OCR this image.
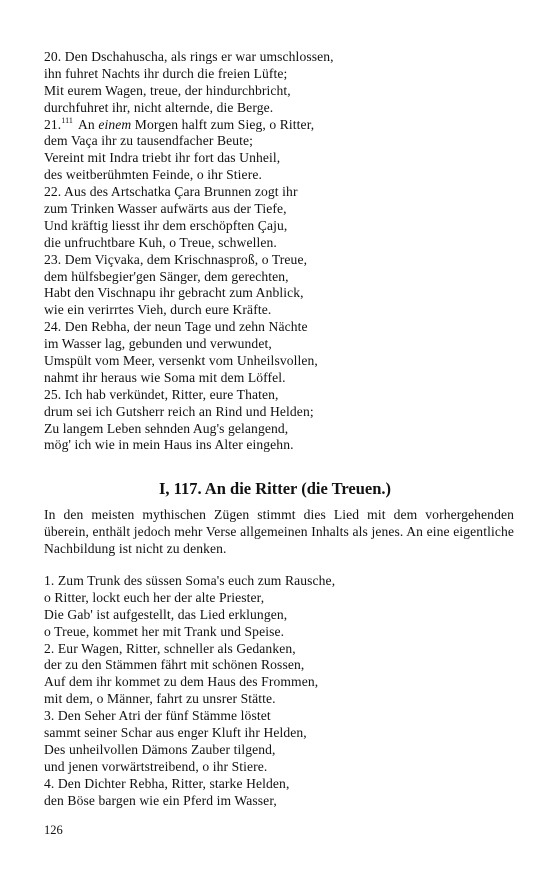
20. Den Dschahuscha, als rings er war umschlossen,
ihn fuhret Nachts ihr durch die freien Lüfte;
Mit eurem Wagen, treue, der hindurchbricht,
durchfuhret ihr, nicht alternde, die Berge.
21.$^{111}$ An einem Morgen halft zum Sieg, o Ritter,
dem Vaça ihr zu tausendfacher Beute;
Vereint mit Indra triebt ihr fort das Unheil,
des weitberühmten Feinde, o ihr Stiere.
22. Aus des Artschatka Çara Brunnen zogt ihr
zum Trinken Wasser aufwärts aus der Tiefe,
Und kräftig liesst ihr dem erschöpften Çaju,
die unfruchtbare Kuh, o Treue, schwellen.
23. Dem Viçvaka, dem Krischnasproß, o Treue,
dem hülfsbegier'gen Sänger, dem gerechten,
Habt den Vischnapu ihr gebracht zum Anblick,
wie ein verirrtes Vieh, durch eure Kräfte.
24. Den Rebha, der neun Tage und zehn Nächte
im Wasser lag, gebunden und verwundet,
Umspült vom Meer, versenkt vom Unheilsvollen,
nahmt ihr heraus wie Soma mit dem Löffel.
25. Ich hab verkündet, Ritter, eure Thaten,
drum sei ich Gutsherr reich an Rind und Helden;
Zu langem Leben sehnden Aug's gelangend,
mög' ich wie in mein Haus ins Alter eingehn.
I, 117. An die Ritter (die Treuen.)
In den meisten mythischen Zügen stimmt dies Lied mit dem vorhergehenden überein, enthält jedoch mehr Verse allgemeinen Inhalts als jenes. An eine eigentliche Nachbildung ist nicht zu denken.
1. Zum Trunk des süssen Soma's euch zum Rausche,
o Ritter, lockt euch her der alte Priester,
Die Gab' ist aufgestellt, das Lied erklungen,
o Treue, kommet her mit Trank und Speise.
2. Eur Wagen, Ritter, schneller als Gedanken,
der zu den Stämmen fährt mit schönen Rossen,
Auf dem ihr kommet zu dem Haus des Frommen,
mit dem, o Männer, fahrt zu unsrer Stätte.
3. Den Seher Atri der fünf Stämme löstet
sammt seiner Schar aus enger Kluft ihr Helden,
Des unheilvollen Dämons Zauber tilgend,
und jenen vorwärtstreibend, o ihr Stiere.
4. Den Dichter Rebha, Ritter, starke Helden,
den Böse bargen wie ein Pferd im Wasser,
126
